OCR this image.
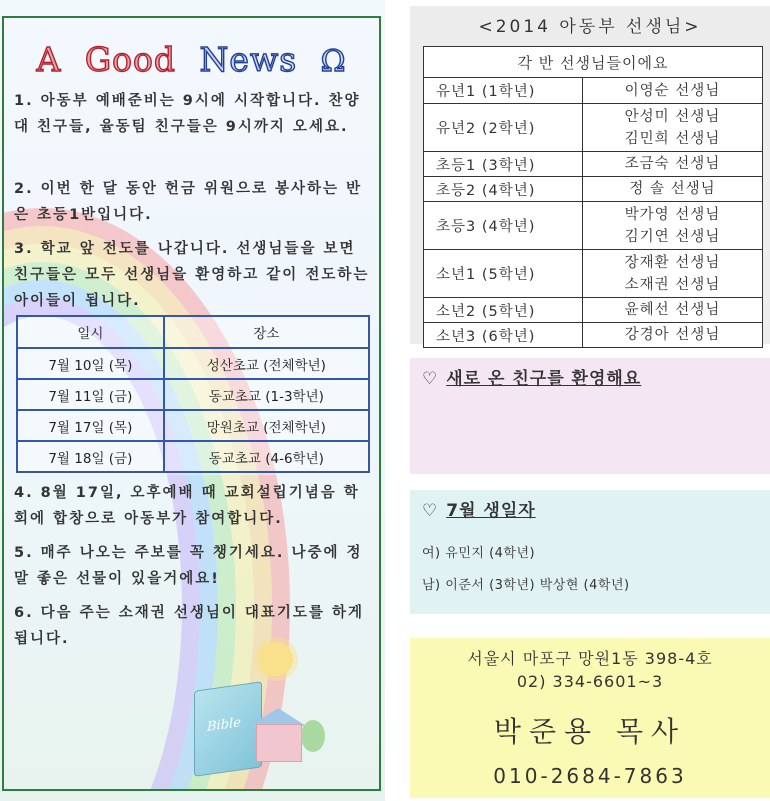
A Good News Ω
1. 아동부 예배준비는 9시에 시작합니다. 찬양대 친구들, 율동팀 친구들은 9시까지 오세요.
2. 이번 한 달 동안 헌금 위원으로 봉사하는 반은 초등1반입니다.
3. 학교 앞 전도를 나갑니다. 선생님들을 보면 친구들은 모두 선생님을 환영하고 같이 전도하는 아이들이 됩니다.
일시	장소
7월 10일 (목)	성산초교 (전체학년)
7월 11일 (금)	동교초교 (1-3학년)
7월 17일 (목)	망원초교 (전체학년)
7월 18일 (금)	동교초교 (4-6학년)
4. 8월 17일, 오후예배 때 교회설립기념음 학회에 합창으로 아동부가 참여합니다.
5. 매주 나오는 주보를 꼭 챙기세요. 나중에 정말 좋은 선물이 있을거에요!
6. 다음 주는 소재권 선생님이 대표기도를 하게 됩니다.
Bible
<2014 아동부 선생님>
각 반 선생님들이에요	
유년1 (1학년)	이영순 선생님

유년2 (2학년)	안성미 선생님
김민희 선생님

초등1 (3학년)	조금숙 선생님

초등2 (4학년)	정 솔 선생님

초등3 (4학년)	박가영 선생님
김기연 선생님

소년1 (5학년)	장재환 선생님
소재권 선생님

소년2 (5학년)	윤혜선 선생님

소년3 (6학년)	강경아 선생님
♡ 새로 온 친구를 환영해요
♡ 7월 생일자
여) 유민지 (4학년)
남) 이준서 (3학년) 박상현 (4학년)
서울시 마포구 망원1동 398-4호
02) 334-6601~3
박준용 목사
010-2684-7863
